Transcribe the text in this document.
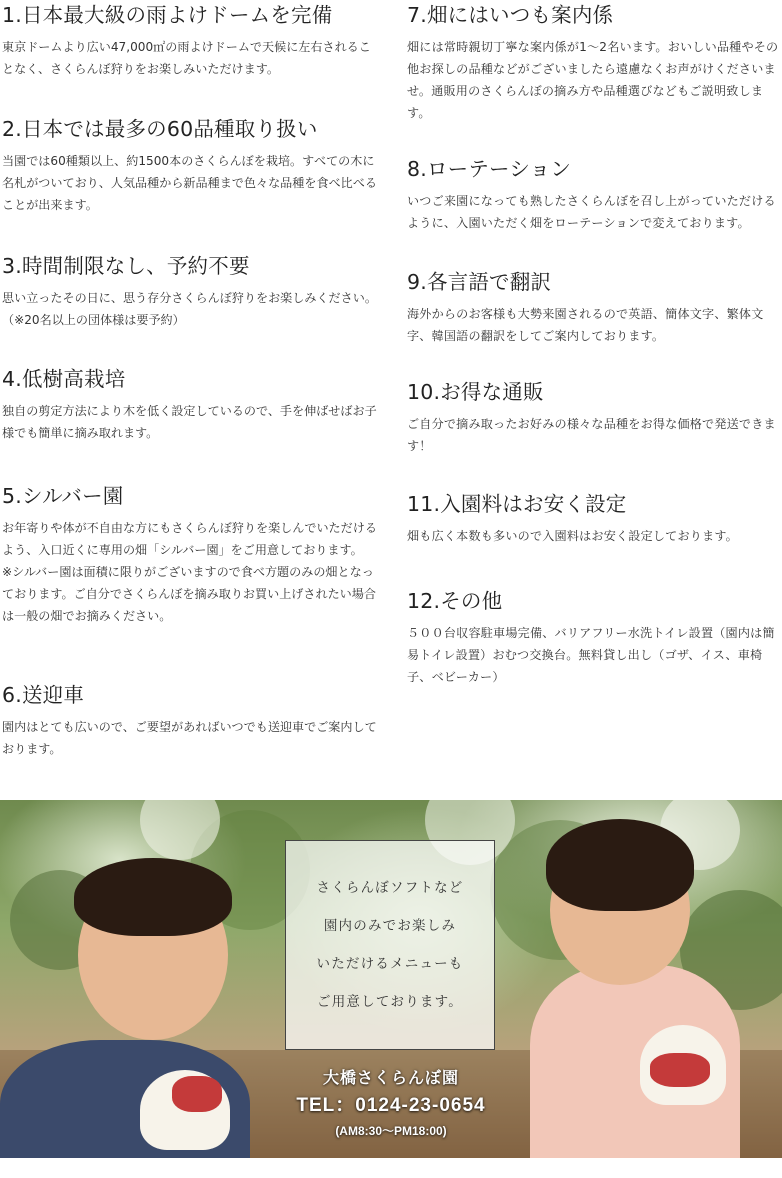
1.日本最大級の雨よけドームを完備

東京ドームより広い47,000㎡の雨よけドームで天候に左右されることなく、さくらんぼ狩りをお楽しみいただけます。

2.日本では最多の60品種取り扱い

当園では60種類以上、約1500本のさくらんぼを栽培。すべての木に名札がついており、人気品種から新品種まで色々な品種を食べ比べることが出来ます。

3.時間制限なし、予約不要

思い立ったその日に、思う存分さくらんぼ狩りをお楽しみください。（※20名以上の団体様は要予約）

4.低樹高栽培

独自の剪定方法により木を低く設定しているので、手を伸ばせばお子様でも簡単に摘み取れます。

5.シルバー園

お年寄りや体が不自由な方にもさくらんぼ狩りを楽しんでいただけるよう、入口近くに専用の畑「シルバー園」をご用意しております。

※シルバー園は面積に限りがございますので食べ方題のみの畑となっております。ご自分でさくらんぼを摘み取りお買い上げされたい場合は一般の畑でお摘みください。

6.送迎車

園内はとても広いので、ご要望があればいつでも送迎車でご案内しております。

7.畑にはいつも案内係

畑には常時親切丁寧な案内係が1～2名います。おいしい品種やその他お探しの品種などがございましたら遠慮なくお声がけくださいませ。通販用のさくらんぼの摘み方や品種選びなどもご説明致します。

8.ローテーション

いつご来園になっても熟したさくらんぼを召し上がっていただけるように、入園いただく畑をローテーションで変えております。

9.各言語で翻訳

海外からのお客様も大勢来園されるので英語、簡体文字、繁体文字、韓国語の翻訳をしてご案内しております。

10.お得な通販

ご自分で摘み取ったお好みの様々な品種をお得な価格で発送できます！

11.入園料はお安く設定

畑も広く本数も多いので入園料はお安く設定しております。

12.その他

５００台収容駐車場完備、バリアフリー水洗トイレ設置（園内は簡易トイレ設置）おむつ交換台。無料貸し出し（ゴザ、イス、車椅子、ベビーカー）

さくらんぼソフトなど
園内のみでお楽しみ
いただけるメニューも
ご用意しております。
大橋さくらんぼ園
TEL：0124-23-0654
(AM8:30～PM18:00)
